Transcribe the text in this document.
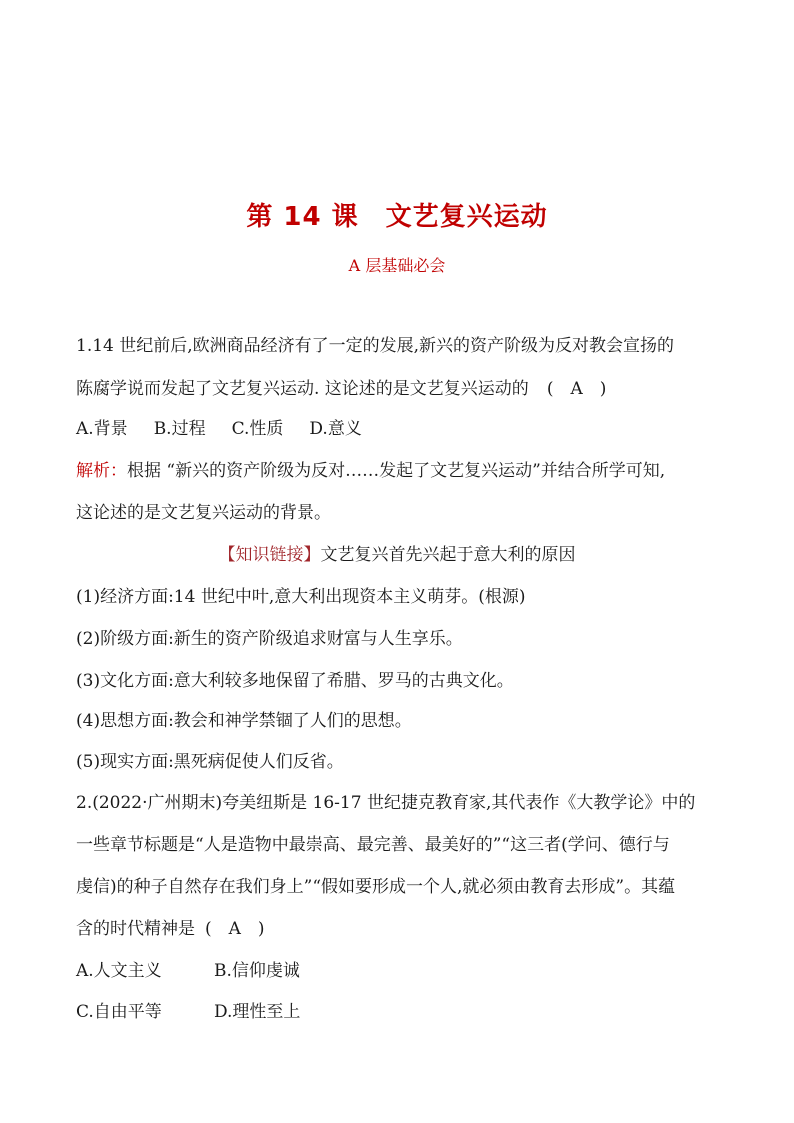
第 14 课　文艺复兴运动
A 层基础必会
1.14 世纪前后,欧洲商品经济有了一定的发展,新兴的资产阶级为反对教会宣扬的
陈腐学说而发起了文艺复兴运动. 这论述的是文艺复兴运动的 (　A　)
A.背景 B.过程 C.性质 D.意义
解析：根据 “新兴的资产阶级为反对……发起了文艺复兴运动”并结合所学可知,
这论述的是文艺复兴运动的背景。
【知识链接】文艺复兴首先兴起于意大利的原因
(1)经济方面:14 世纪中叶,意大利出现资本主义萌芽。(根源)
(2)阶级方面:新生的资产阶级追求财富与人生享乐。
(3)文化方面:意大利较多地保留了希腊、罗马的古典文化。
(4)思想方面:教会和神学禁锢了人们的思想。
(5)现实方面:黑死病促使人们反省。
2.(2022·广州期末)夸美纽斯是 16-17 世纪捷克教育家,其代表作《大教学论》中的
一些章节标题是“人是造物中最崇高、最完善、最美好的”“这三者(学问、德行与
虔信)的种子自然存在我们身上”“假如要形成一个人,就必须由教育去形成”。其蕴
含的时代精神是 (　A　)
A.人文主义	B.信仰虔诚
C.自由平等	D.理性至上
